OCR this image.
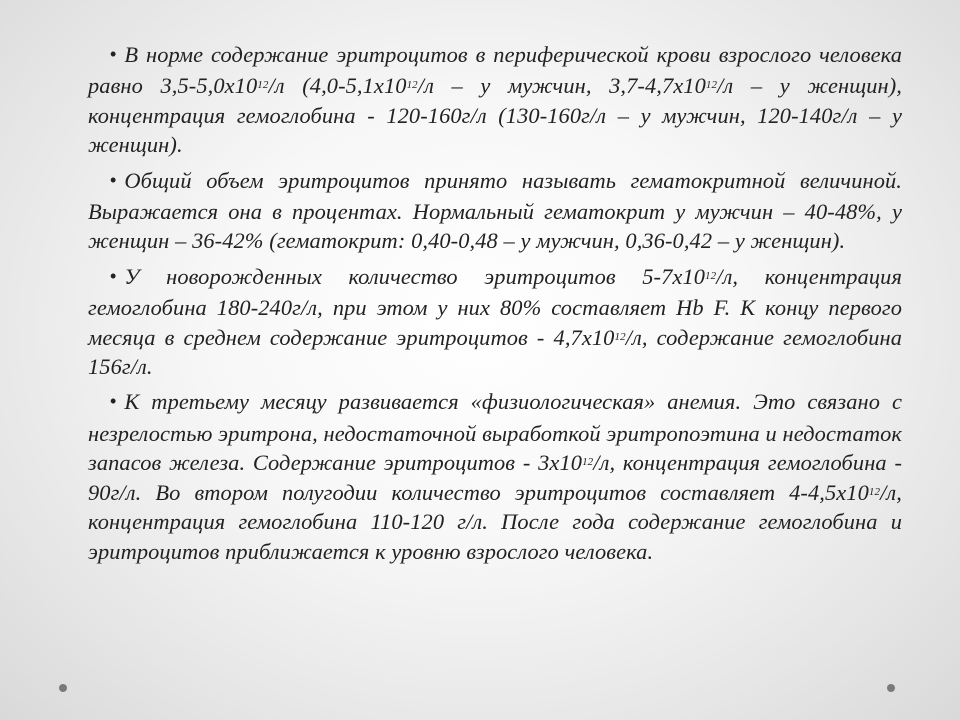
• В норме содержание эритроцитов в периферической крови взрослого человека равно $3,5-5,0х10^{12}/л$ ($4,0-5,1х10^{12}/л$ – у мужчин, $3,7-4,7х10^{12}/л$ – у женщин), концентрация гемоглобина - 120-160г/л (130-160г/л – у мужчин, 120-140г/л – у женщин).

• Общий объем эритроцитов принято называть гематокритной величиной. Выражается она в процентах. Нормальный гематокрит у мужчин – 40-48%, у женщин – 36-42% (гематокрит: 0,40-0,48 – у мужчин, 0,36-0,42 – у женщин).

• У новорожденных количество эритроцитов $5-7х10^{12}/л$, концентрация гемоглобина 180-240г/л, при этом у них 80% составляет Hb F. К концу первого месяца в среднем содержание эритроцитов - $4,7х10^{12}/л$, содержание гемоглобина 156г/л.

• К третьему месяцу развивается «физиологическая» анемия. Это связано с незрелостью эритрона, недостаточной выработкой эритропоэтина и недостаток запасов железа. Содержание эритроцитов - $3х10^{12}/л$, концентрация гемоглобина - 90г/л. Во втором полугодии количество эритроцитов составляет $4-4,5х10^{12}/л$, концентрация гемоглобина 110-120 г/л. После года содержание гемоглобина и эритроцитов приближается к уровню взрослого человека.
